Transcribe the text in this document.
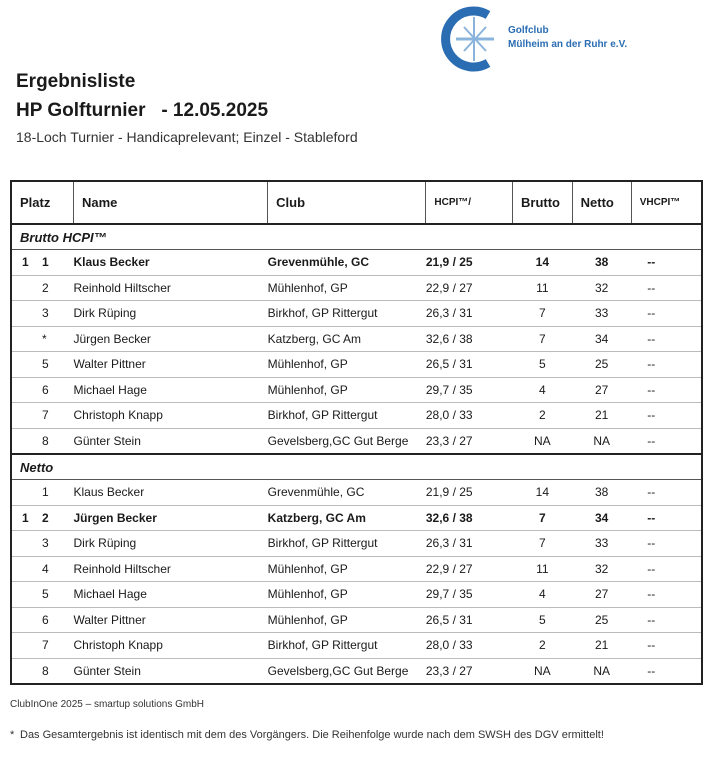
Golfclub
Mülheim an der Ruhr e.V.
Ergebnisliste
HP Golfturnier   - 12.05.2025
18-Loch Turnier - Handicaprelevant; Einzel - Stableford
Platz	Name	Club	HCPI™/	Brutto	Netto	VHCPI™
Brutto HCPI™						

1 1	Klaus Becker	Grevenmühle, GC	21,9 / 25	14	38	--

2	Reinhold Hiltscher	Mühlenhof, GP	22,9 / 27	11	32	--

3	Dirk Rüping	Birkhof, GP Rittergut	26,3 / 31	7	33	--

*	Jürgen Becker	Katzberg, GC Am	32,6 / 38	7	34	--

5	Walter Pittner	Mühlenhof, GP	26,5 / 31	5	25	--

6	Michael Hage	Mühlenhof, GP	29,7 / 35	4	27	--

7	Christoph Knapp	Birkhof, GP Rittergut	28,0 / 33	2	21	--

8	Günter Stein	Gevelsberg,GC Gut Berge	23,3 / 27	NA	NA	--
Netto						

1	Klaus Becker	Grevenmühle, GC	21,9 / 25	14	38	--

1 2	Jürgen Becker	Katzberg, GC Am	32,6 / 38	7	34	--

3	Dirk Rüping	Birkhof, GP Rittergut	26,3 / 31	7	33	--

4	Reinhold Hiltscher	Mühlenhof, GP	22,9 / 27	11	32	--

5	Michael Hage	Mühlenhof, GP	29,7 / 35	4	27	--

6	Walter Pittner	Mühlenhof, GP	26,5 / 31	5	25	--

7	Christoph Knapp	Birkhof, GP Rittergut	28,0 / 33	2	21	--

8	Günter Stein	Gevelsberg,GC Gut Berge	23,3 / 27	NA	NA	--
ClubInOne 2025 – smartup solutions GmbH
* Das Gesamtergebnis ist identisch mit dem des Vorgängers. Die Reihenfolge wurde nach dem SWSH des DGV ermittelt!
